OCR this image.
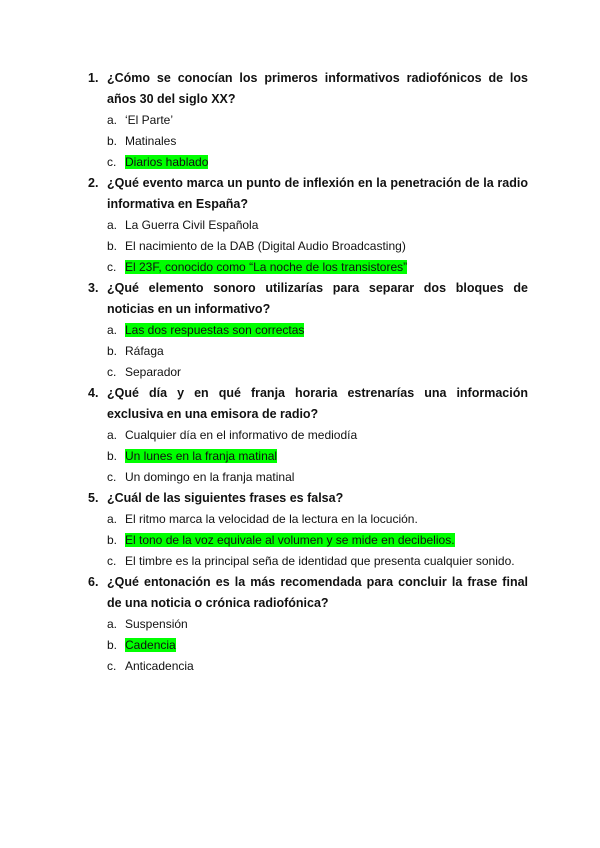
1. ¿Cómo se conocían los primeros informativos radiofónicos de los años 30 del siglo XX?
a. ‘El Parte’
b. Matinales
c. Diarios hablado
2. ¿Qué evento marca un punto de inflexión en la penetración de la radio informativa en España?
a. La Guerra Civil Española
b. El nacimiento de la DAB (Digital Audio Broadcasting)
c. El 23F, conocido como “La noche de los transistores”
3. ¿Qué elemento sonoro utilizarías para separar dos bloques de noticias en un informativo?
a. Las dos respuestas son correctas
b. Ráfaga
c. Separador
4. ¿Qué día y en qué franja horaria estrenarías una información exclusiva en una emisora de radio?
a. Cualquier día en el informativo de mediodía
b. Un lunes en la franja matinal
c. Un domingo en la franja matinal
5. ¿Cuál de las siguientes frases es falsa?
a. El ritmo marca la velocidad de la lectura en la locución.
b. El tono de la voz equivale al volumen y se mide en decibelios.
c. El timbre es la principal seña de identidad que presenta cualquier sonido.
6. ¿Qué entonación es la más recomendada para concluir la frase final de una noticia o crónica radiofónica?
a. Suspensión
b. Cadencia
c. Anticadencia
